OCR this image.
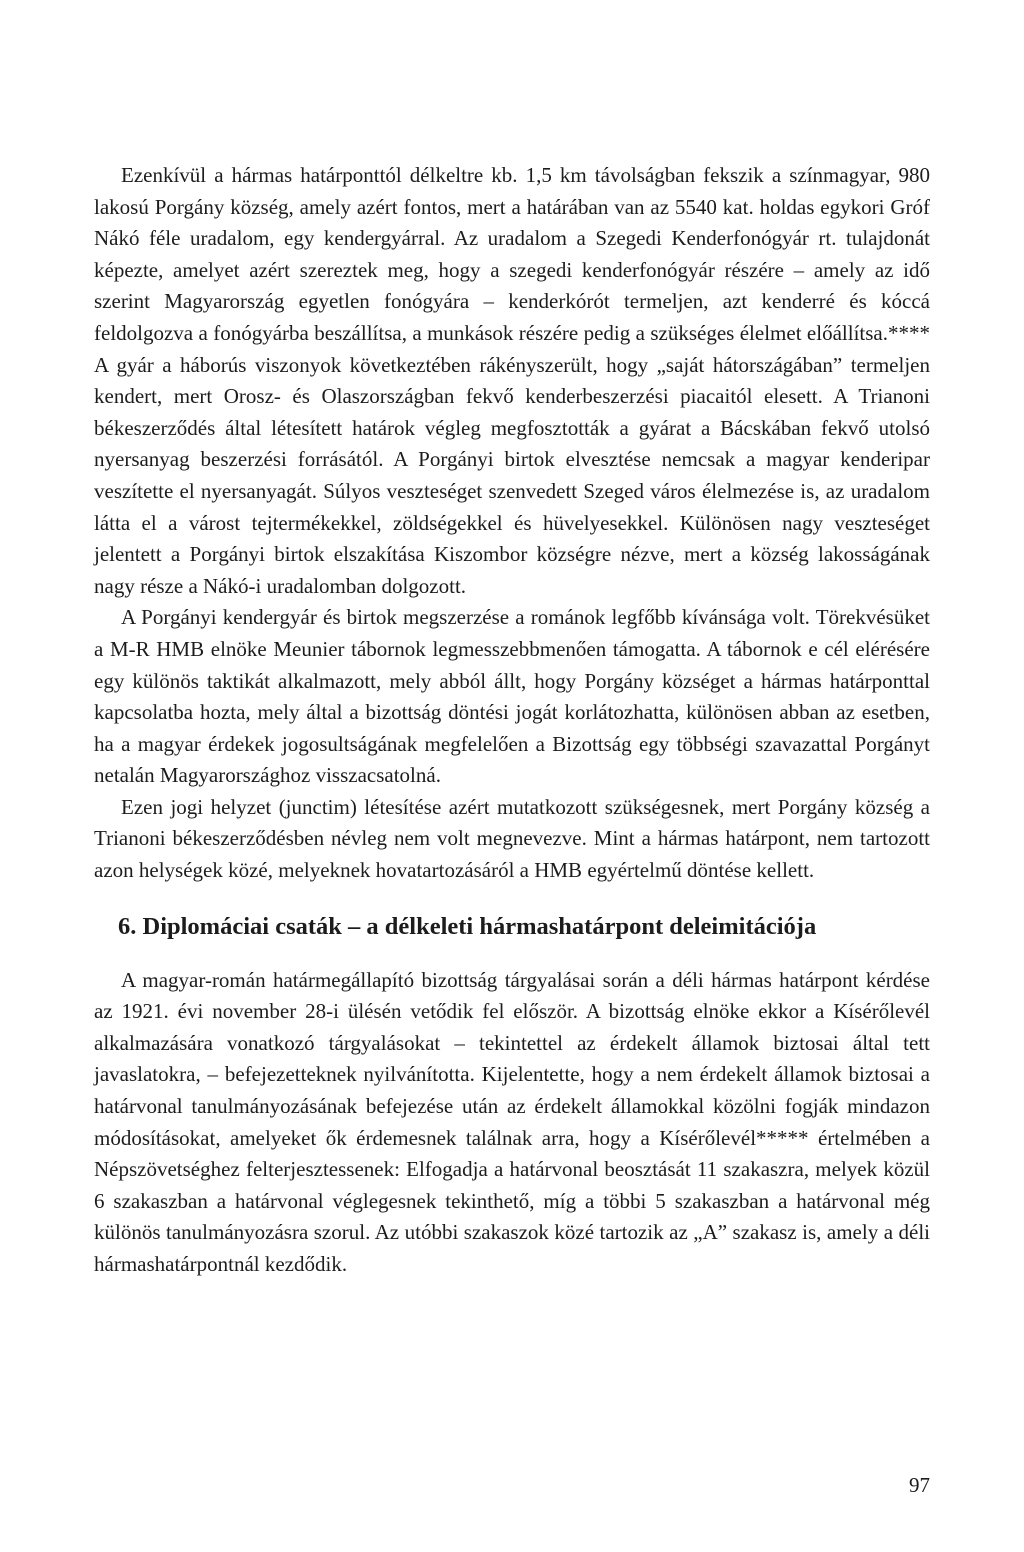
Ezenkívül a hármas határponttól délkeltre kb. 1,5 km távolságban fekszik a színmagyar, 980 lakosú Porgány község, amely azért fontos, mert a határában van az 5540 kat. holdas egykori Gróf Nákó féle uradalom, egy kendergyárral. Az uradalom a Szegedi Kenderfonógyár rt. tulajdonát képezte, amelyet azért szereztek meg, hogy a szegedi kenderfonógyár részére – amely az idő szerint Magyarország egyetlen fonógyára – kenderkórót termeljen, azt kenderré és kóccá feldolgozva a fonógyárba beszállítsa, a munkások részére pedig a szükséges élelmet előállítsa.**** A gyár a háborús viszonyok következtében rákényszerült, hogy „saját hátországában” termeljen kendert, mert Orosz- és Olaszországban fekvő kenderbeszerzési piacaitól elesett. A Trianoni békeszerződés által létesített határok végleg megfosztották a gyárat a Bácskában fekvő utolsó nyersanyag beszerzési forrásától. A Porgányi birtok elvesztése nemcsak a magyar kenderipar veszítette el nyersanyagát. Súlyos veszteséget szenvedett Szeged város élelmezése is, az uradalom látta el a várost tejtermékekkel, zöldségekkel és hüvelyesekkel. Különösen nagy veszteséget jelentett a Porgányi birtok elszakítása Kiszombor községre nézve, mert a község lakosságának nagy része a Nákó-i uradalomban dolgozott.

A Porgányi kendergyár és birtok megszerzése a románok legfőbb kívánsága volt. Törekvésüket a M-R HMB elnöke Meunier tábornok legmesszebbmenően támogatta. A tábornok e cél elérésére egy különös taktikát alkalmazott, mely abból állt, hogy Porgány községet a hármas határponttal kapcsolatba hozta, mely által a bizottság döntési jogát korlátozhatta, különösen abban az esetben, ha a magyar érdekek jogosultságának megfelelően a Bizottság egy többségi szavazattal Porgányt netalán Magyarországhoz visszacsatolná.

Ezen jogi helyzet (junctim) létesítése azért mutatkozott szükségesnek, mert Porgány község a Trianoni békeszerződésben névleg nem volt megnevezve. Mint a hármas határpont, nem tartozott azon helységek közé, melyeknek hovatartozásáról a HMB egyértelmű döntése kellett.

6. Diplomáciai csaták – a délkeleti hármashatárpont deleimitációja

A magyar-román határmegállapító bizottság tárgyalásai során a déli hármas határpont kérdése az 1921. évi november 28-i ülésén vetődik fel először. A bizottság elnöke ekkor a Kísérőlevél alkalmazására vonatkozó tárgyalásokat – tekintettel az érdekelt államok biztosai által tett javaslatokra, – befejezetteknek nyilvánította. Kijelentette, hogy a nem érdekelt államok biztosai a határvonal tanulmányozásának befejezése után az érdekelt államokkal közölni fogják mindazon módosításokat, amelyeket ők érdemesnek találnak arra, hogy a Kísérőlevél***** értelmében a Népszövetséghez felterjesztessenek: Elfogadja a határvonal beosztását 11 szakaszra, melyek közül 6 szakaszban a határvonal véglegesnek tekinthető, míg a többi 5 szakaszban a határvonal még különös tanulmányozásra szorul. Az utóbbi szakaszok közé tartozik az „A” szakasz is, amely a déli hármashatárpontnál kezdődik.

97
